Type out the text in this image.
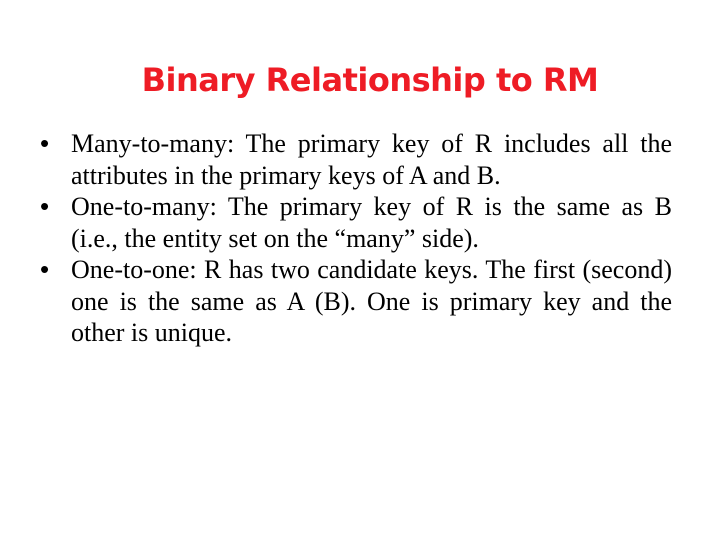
Binary Relationship to RM
• Many-to-many: The primary key of R includes all the attributes in the primary keys of A and B.
• One-to-many: The primary key of R is the same as B (i.e., the entity set on the “many” side).
• One-to-one: R has two candidate keys. The first (second) one is the same as A (B). One is primary key and the other is unique.
